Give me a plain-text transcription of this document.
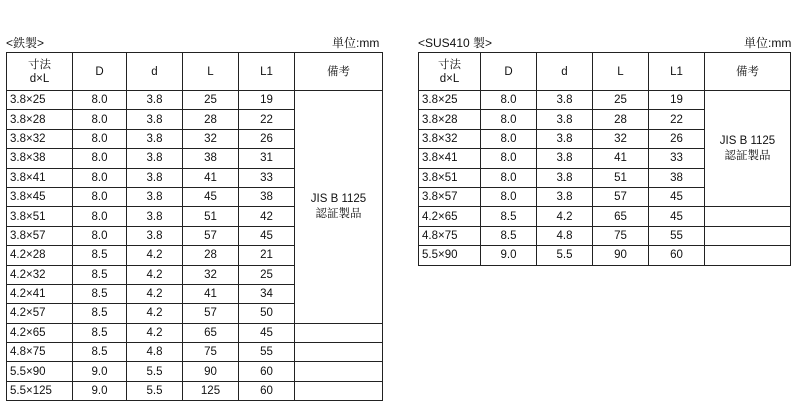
<鉄製>	単位:mm
寸法
d×L	D	d	L	L1	備考
3.8×25	8.0	3.8	25	19	JIS B 1125
認証製品

3.8×28	8.0	3.8	28	22	
3.8×32	8.0	3.8	32	26	
3.8×38	8.0	3.8	38	31	
3.8×41	8.0	3.8	41	33	
3.8×45	8.0	3.8	45	38	
3.8×51	8.0	3.8	51	42	
3.8×57	8.0	3.8	57	45	
4.2×28	8.5	4.2	28	21	
4.2×32	8.5	4.2	32	25	
4.2×41	8.5	4.2	41	34	
4.2×57	8.5	4.2	57	50	
4.2×65	8.5	4.2	65	45	
4.8×75	8.5	4.8	75	55	
5.5×90	9.0	5.5	90	60	
5.5×125	9.0	5.5	125	60	
<SUS410 製>	単位:mm
寸法
d×L	D	d	L	L1	備考
3.8×25	8.0	3.8	25	19	JIS B 1125
認証製品

3.8×28	8.0	3.8	28	22	
3.8×32	8.0	3.8	32	26	
3.8×41	8.0	3.8	41	33	
3.8×51	8.0	3.8	51	38	
3.8×57	8.0	3.8	57	45	
4.2×65	8.5	4.2	65	45	
4.8×75	8.5	4.8	75	55	
5.5×90	9.0	5.5	90	60	
